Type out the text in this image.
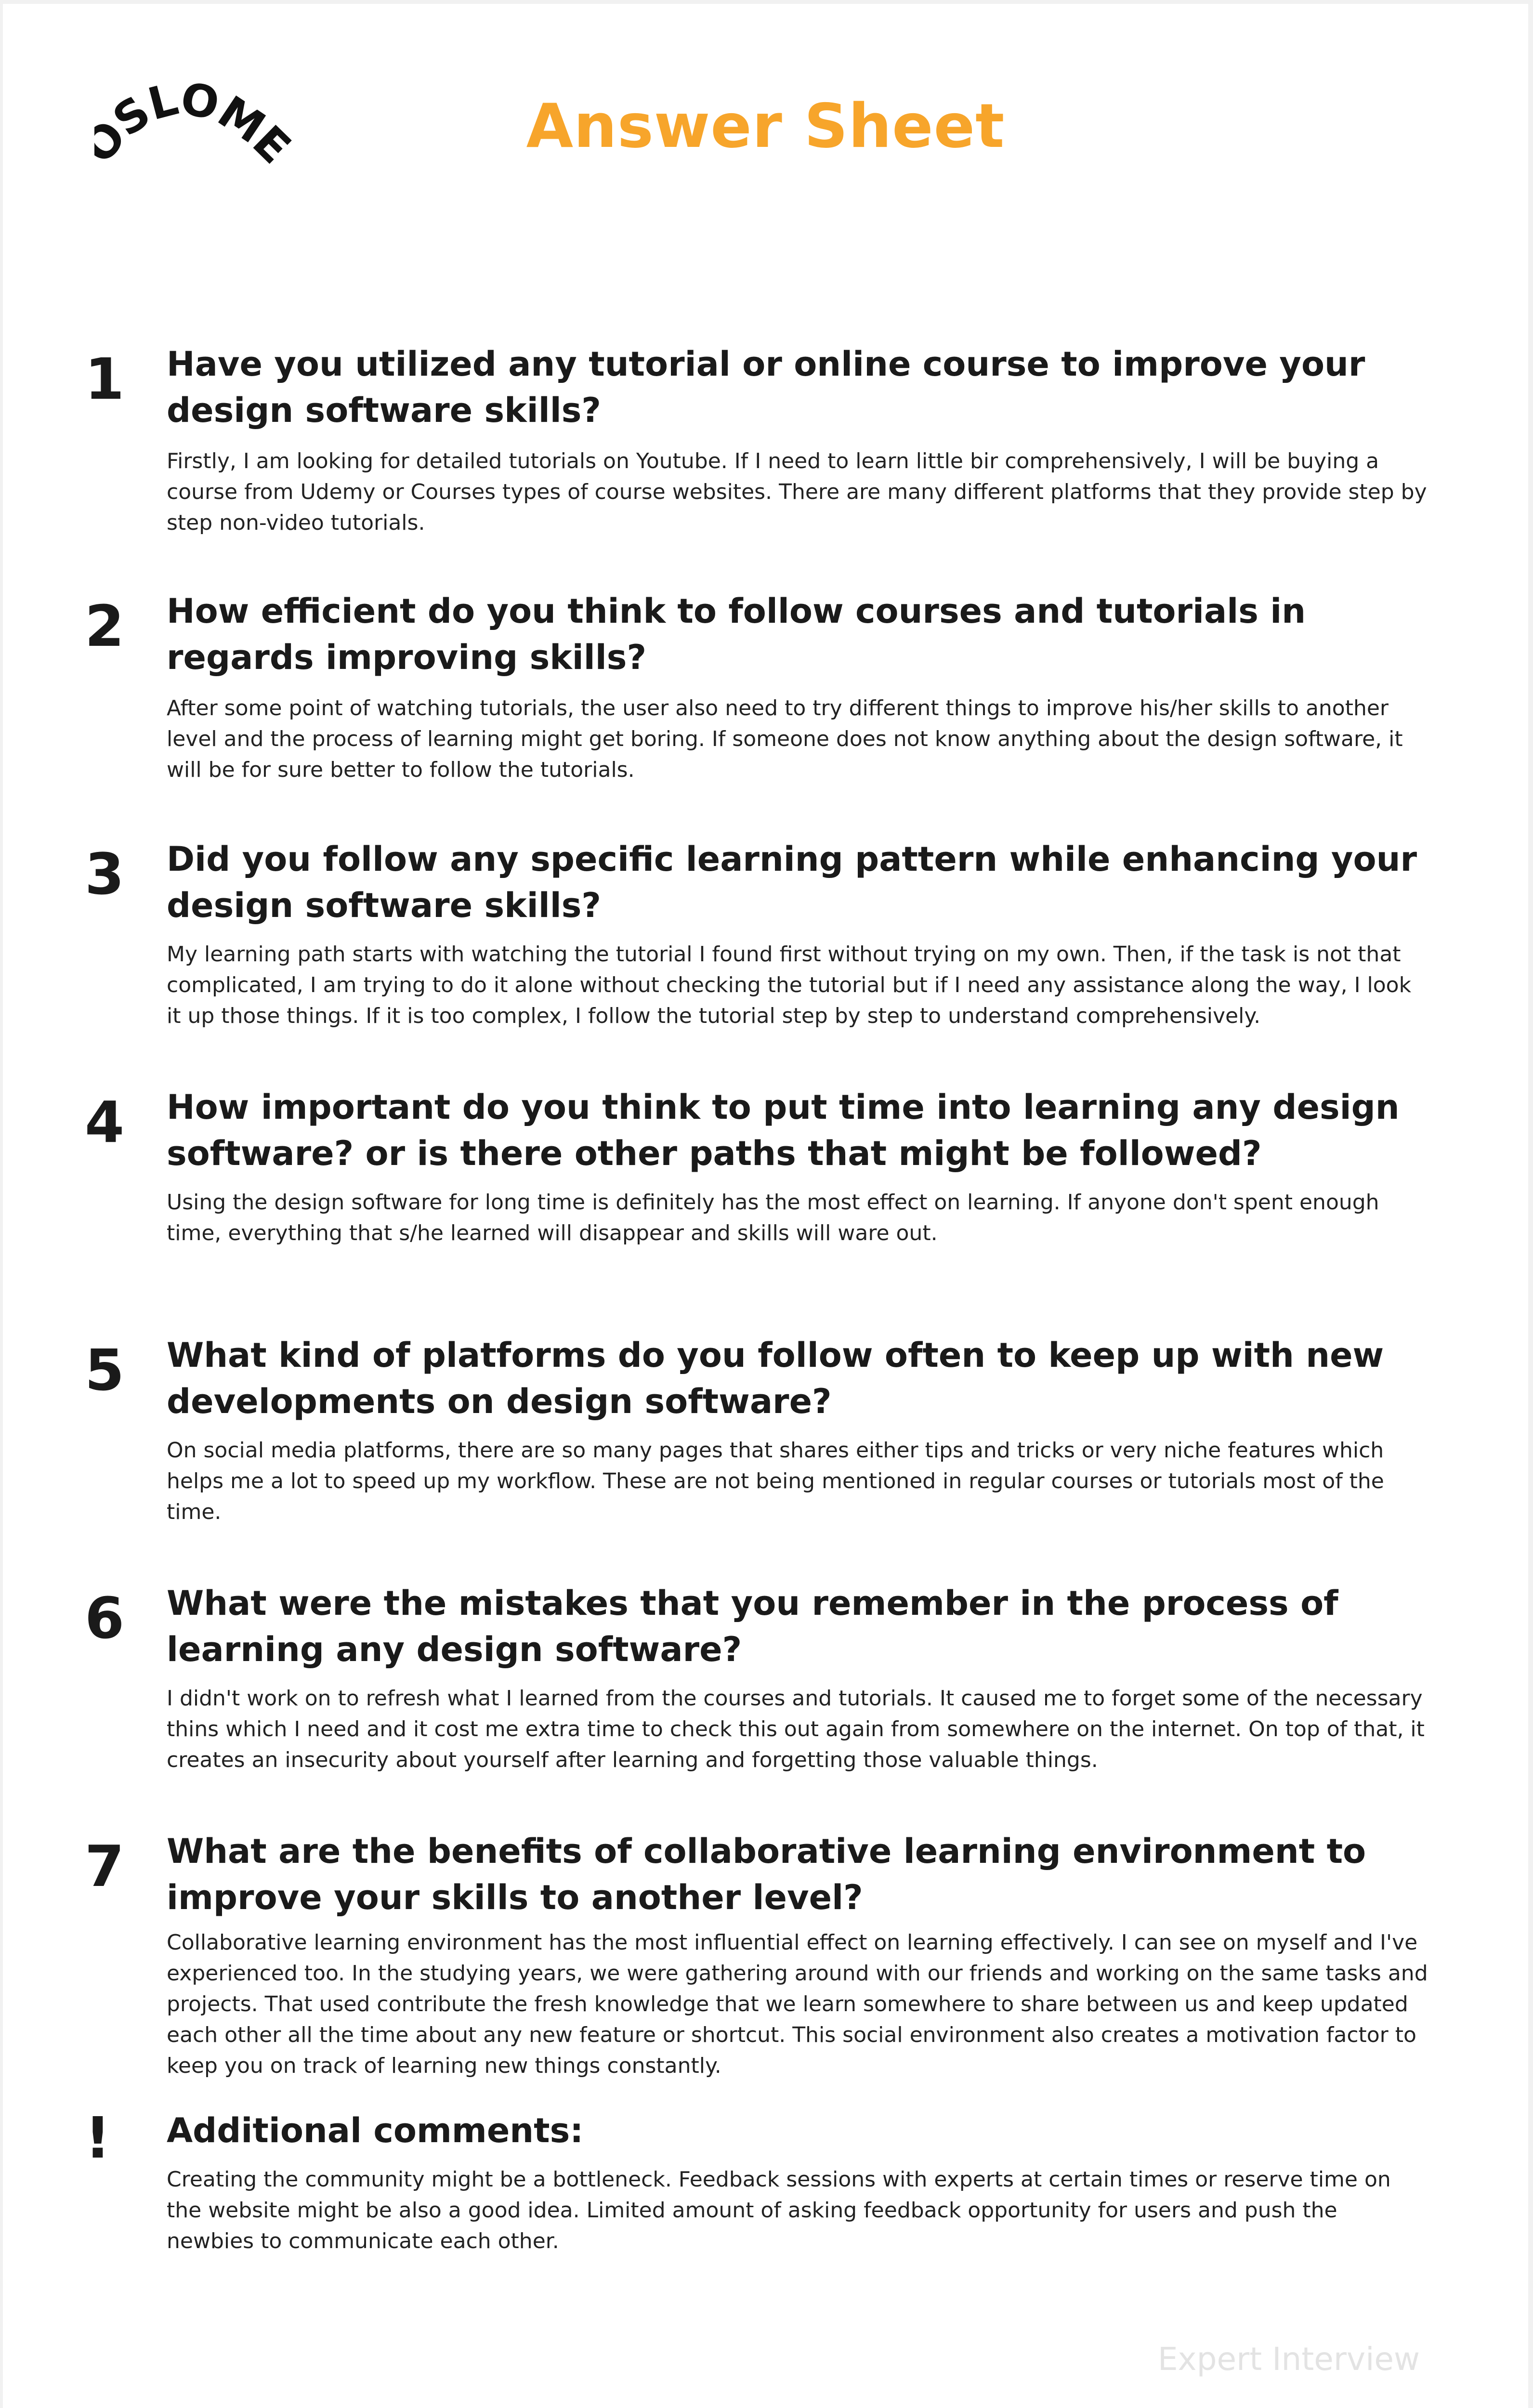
SLOME	Answer Sheet
1	Have you utilized any tutorial or online course to improve your design software skills?

Firstly, I am looking for detailed tutorials on Youtube. If I need to learn little bir comprehensively, I will be buying a course from Udemy or Courses types of course websites. There are many different platforms that they provide step by step non-video tutorials.

2	How efficient do you think to follow courses and tutorials in regards improving skills?

After some point of watching tutorials, the user also need to try different things to improve his/her skills to another level and the process of learning might get boring. If someone does not know anything about the design software, it will be for sure better to follow the tutorials.

3	Did you follow any specific learning pattern while enhancing your design software skills?

My learning path starts with watching the tutorial I found first without trying on my own. Then, if the task is not that complicated, I am trying to do it alone without checking the tutorial but if I need any assistance along the way, I look it up those things. If it is too complex, I follow the tutorial step by step to understand comprehensively.

4	How important do you think to put time into learning any design software? or is there other paths that might be followed?

Using the design software for long time is definitely has the most effect on learning. If anyone don't spent enough time, everything that s/he learned will disappear and skills will ware out.

5	What kind of platforms do you follow often to keep up with new developments on design software?

On social media platforms, there are so many pages that shares either tips and tricks or very niche features which helps me a lot to speed up my workflow. These are not being mentioned in regular courses or tutorials most of the time.

6	What were the mistakes that you remember in the process of learning any design software?

I didn't work on to refresh what I learned from the courses and tutorials. It caused me to forget some of the necessary thins which I need and it cost me extra time to check this out again from somewhere on the internet. On top of that, it creates an insecurity about yourself after learning and forgetting those valuable things.

7	What are the benefits of collaborative learning environment to improve your skills to another level?

Collaborative learning environment has the most influential effect on learning effectively. I can see on myself and I've experienced too. In the studying years, we were gathering around with our friends and working on the same tasks and projects. That used contribute the fresh knowledge that we learn somewhere to share between us and keep updated each other all the time about any new feature or shortcut. This social environment also creates a motivation factor to keep you on track of learning new things constantly.

!	Additional comments:

Creating the community might be a bottleneck. Feedback sessions with experts at certain times or reserve time on the website might be also a good idea. Limited amount of asking feedback opportunity for users and push the newbies to communicate each other.

Expert Interview
